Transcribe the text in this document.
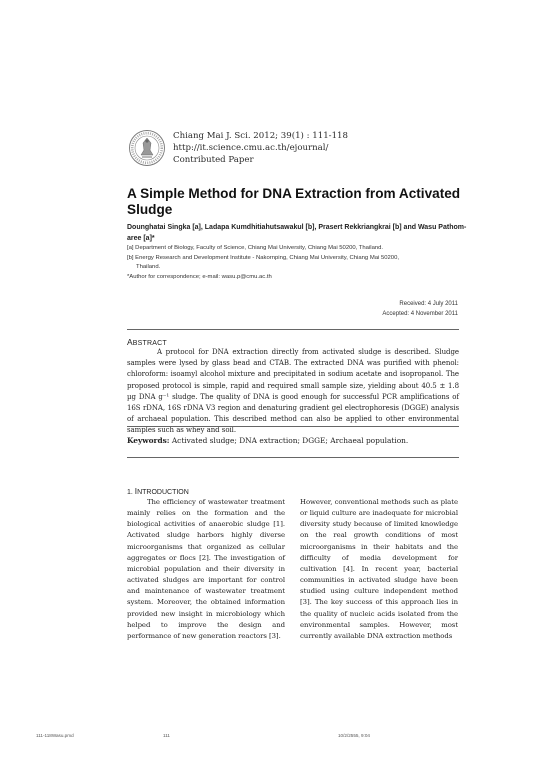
Chiang Mai J. Sci. 2012; 39(1) : 111-118
http://it.science.cmu.ac.th/ejournal/
Contributed Paper
A Simple Method for DNA Extraction from Activated Sludge
Dounghatai Singka [a], Ladapa Kumdhitiahutsawakul [b], Prasert Rekkriangkrai [b] and Wasu Pathom-aree [a]*
[a] Department of Biology, Faculty of Science, Chiang Mai University, Chiang Mai 50200, Thailand.
[b] Energy Research and Development Institute - Nakornping, Chiang Mai University, Chiang Mai 50200,
Thailand.
*Author for correspondence; e-mail: wasu.p@cmu.ac.th
Received: 4 July 2011
Accepted: 4 November 2011
ABSTRACT

A protocol for DNA extraction directly from activated sludge is described. Sludge samples were lysed by glass bead and CTAB. The extracted DNA was purified with phenol: chloroform: isoamyl alcohol mixture and precipitated in sodium acetate and isopropanol. The proposed protocol is simple, rapid and required small sample size, yielding about 40.5 ± 1.8 µg DNA g⁻¹ sludge. The quality of DNA is good enough for successful PCR amplifications of 16S rDNA, 16S rDNA V3 region and denaturing gradient gel electrophoresis (DGGE) analysis of archaeal population. This described method can also be applied to other environmental samples such as whey and soil.

Keywords: Activated sludge; DNA extraction; DGGE; Archaeal population.
1. INTRODUCTION

The efficiency of wastewater treatment mainly relies on the formation and the biological activities of anaerobic sludge [1]. Activated sludge harbors highly diverse microorganisms that organized as cellular aggregates or flocs [2]. The investigation of microbial population and their diversity in activated sludges are important for control and maintenance of wastewater treatment system. Moreover, the obtained information provided new insight in microbiology which helped to improve the design and performance of new generation reactors [3].

However, conventional methods such as plate or liquid culture are inadequate for microbial diversity study because of limited knowledge on the real growth conditions of most microorganisms in their habitats and the difficulty of media development for cultivation [4]. In recent year, bacterial communities in activated sludge have been studied using culture independent method [3]. The key success of this approach lies in the quality of nucleic acids isolated from the environmental samples. However, most currently available DNA extraction methods

111-118Wasu.pmd	111	10/2/2555, 9:04
